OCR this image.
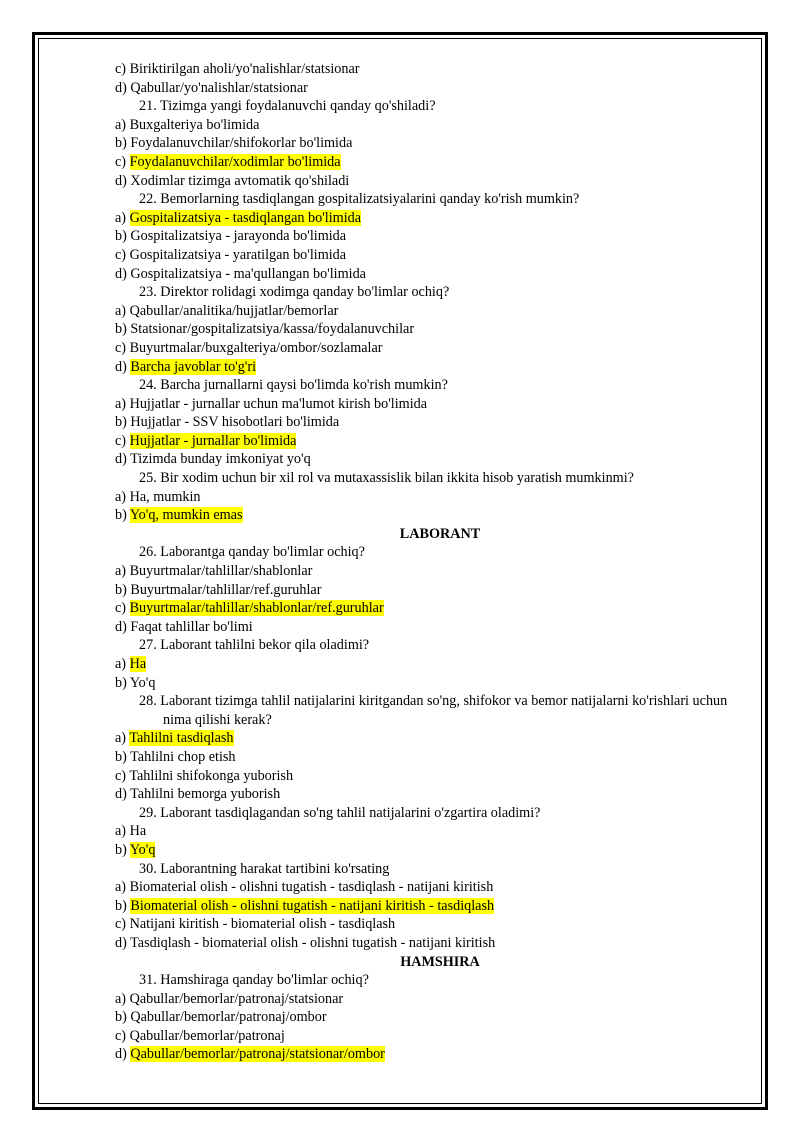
c) Biriktirilgan aholi/yo'nalishlar/statsionar
d) Qabullar/yo'nalishlar/statsionar
21. Tizimga yangi foydalanuvchi qanday qo'shiladi?
a) Buxgalteriya bo'limida
b) Foydalanuvchilar/shifokorlar bo'limida
c) Foydalanuvchilar/xodimlar bo'limida
d) Xodimlar tizimga avtomatik qo'shiladi
22. Bemorlarning tasdiqlangan gospitalizatsiyalarini qanday ko'rish mumkin?
a) Gospitalizatsiya - tasdiqlangan bo'limida
b) Gospitalizatsiya - jarayonda bo'limida
c) Gospitalizatsiya - yaratilgan bo'limida
d) Gospitalizatsiya - ma'qullangan bo'limida
23. Direktor rolidagi xodimga qanday bo'limlar ochiq?
a) Qabullar/analitika/hujjatlar/bemorlar
b) Statsionar/gospitalizatsiya/kassa/foydalanuvchilar
c) Buyurtmalar/buxgalteriya/ombor/sozlamalar
d) Barcha javoblar to'g'ri
24. Barcha jurnallarni qaysi bo'limda ko'rish mumkin?
a) Hujjatlar - jurnallar uchun ma'lumot kirish bo'limida
b) Hujjatlar - SSV hisobotlari bo'limida
c) Hujjatlar - jurnallar bo'limida
d) Tizimda bunday imkoniyat yo'q
25. Bir xodim uchun bir xil rol va mutaxassislik bilan ikkita hisob yaratish mumkinmi?
a) Ha, mumkin
b) Yo'q, mumkin emas
LABORANT
26. Laborantga qanday bo'limlar ochiq?
a) Buyurtmalar/tahlillar/shablonlar
b) Buyurtmalar/tahlillar/ref.guruhlar
c) Buyurtmalar/tahlillar/shablonlar/ref.guruhlar
d) Faqat tahlillar bo'limi
27. Laborant tahlilni bekor qila oladimi?
a) Ha
b) Yo'q
28. Laborant tizimga tahlil natijalarini kiritgandan so'ng, shifokor va bemor natijalarni ko'rishlari uchun nima qilishi kerak?
a) Tahlilni tasdiqlash
b) Tahlilni chop etish
c) Tahlilni shifokonga yuborish
d) Tahlilni bemorga yuborish
29. Laborant tasdiqlagandan so'ng tahlil natijalarini o'zgartira oladimi?
a) Ha
b) Yo'q
30. Laborantning harakat tartibini ko'rsating
a) Biomaterial olish - olishni tugatish - tasdiqlash - natijani kiritish
b) Biomaterial olish - olishni tugatish - natijani kiritish - tasdiqlash
c) Natijani kiritish - biomaterial olish - tasdiqlash
d) Tasdiqlash - biomaterial olish - olishni tugatish - natijani kiritish
HAMSHIRA
31. Hamshiraga qanday bo'limlar ochiq?
a) Qabullar/bemorlar/patronaj/statsionar
b) Qabullar/bemorlar/patronaj/ombor
c) Qabullar/bemorlar/patronaj
d) Qabullar/bemorlar/patronaj/statsionar/ombor
